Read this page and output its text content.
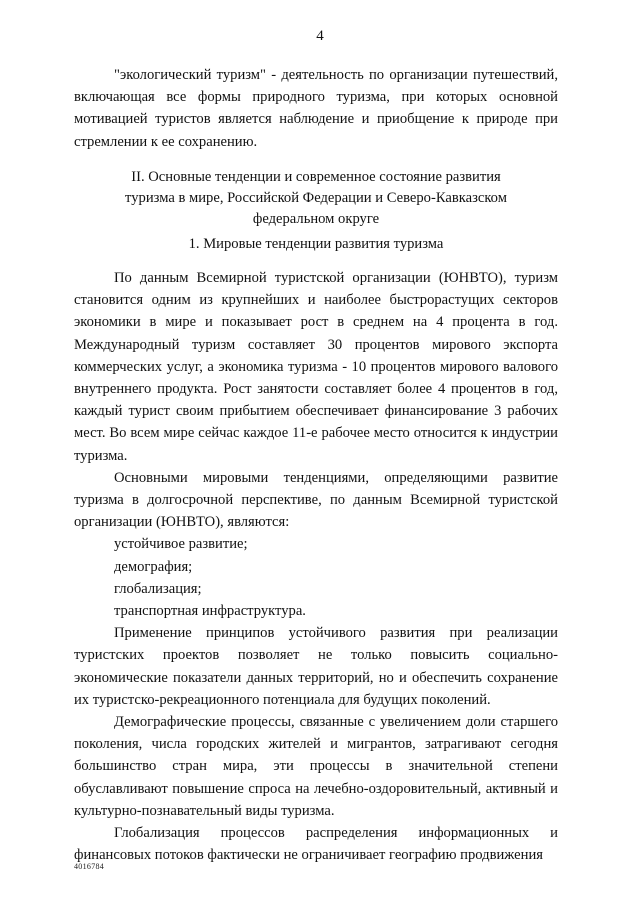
4

"экологический туризм" - деятельность по организации путешествий, включающая все формы природного туризма, при которых основной мотивацией туристов является наблюдение и приобщение к природе при стремлении к ее сохранению.

II. Основные тенденции и современное состояние развития

туризма в мире, Российской Федерации и Северо-Кавказском

федеральном округе

1. Мировые тенденции развития туризма

По данным Всемирной туристской организации (ЮНВТО), туризм становится одним из крупнейших и наиболее быстрорастущих секторов экономики в мире и показывает рост в среднем на 4 процента в год. Международный туризм составляет 30 процентов мирового экспорта коммерческих услуг, а экономика туризма - 10 процентов мирового валового внутреннего продукта. Рост занятости составляет более 4 процентов в год, каждый турист своим прибытием обеспечивает финансирование 3 рабочих мест. Во всем мире сейчас каждое 11-е рабочее место относится к индустрии туризма.

Основными мировыми тенденциями, определяющими развитие туризма в долгосрочной перспективе, по данным Всемирной туристской организации (ЮНВТО), являются:

устойчивое развитие;

демография;

глобализация;

транспортная инфраструктура.

Применение принципов устойчивого развития при реализации туристских проектов позволяет не только повысить социально-экономические показатели данных территорий, но и обеспечить сохранение их туристско-рекреационного потенциала для будущих поколений.

Демографические процессы, связанные с увеличением доли старшего поколения, числа городских жителей и мигрантов, затрагивают сегодня большинство стран мира, эти процессы в значительной степени обуславливают повышение спроса на лечебно-оздоровительный, активный и культурно-познавательный виды туризма.

Глобализация процессов распределения информационных и финансовых потоков фактически не ограничивает географию продвижения

4016784
